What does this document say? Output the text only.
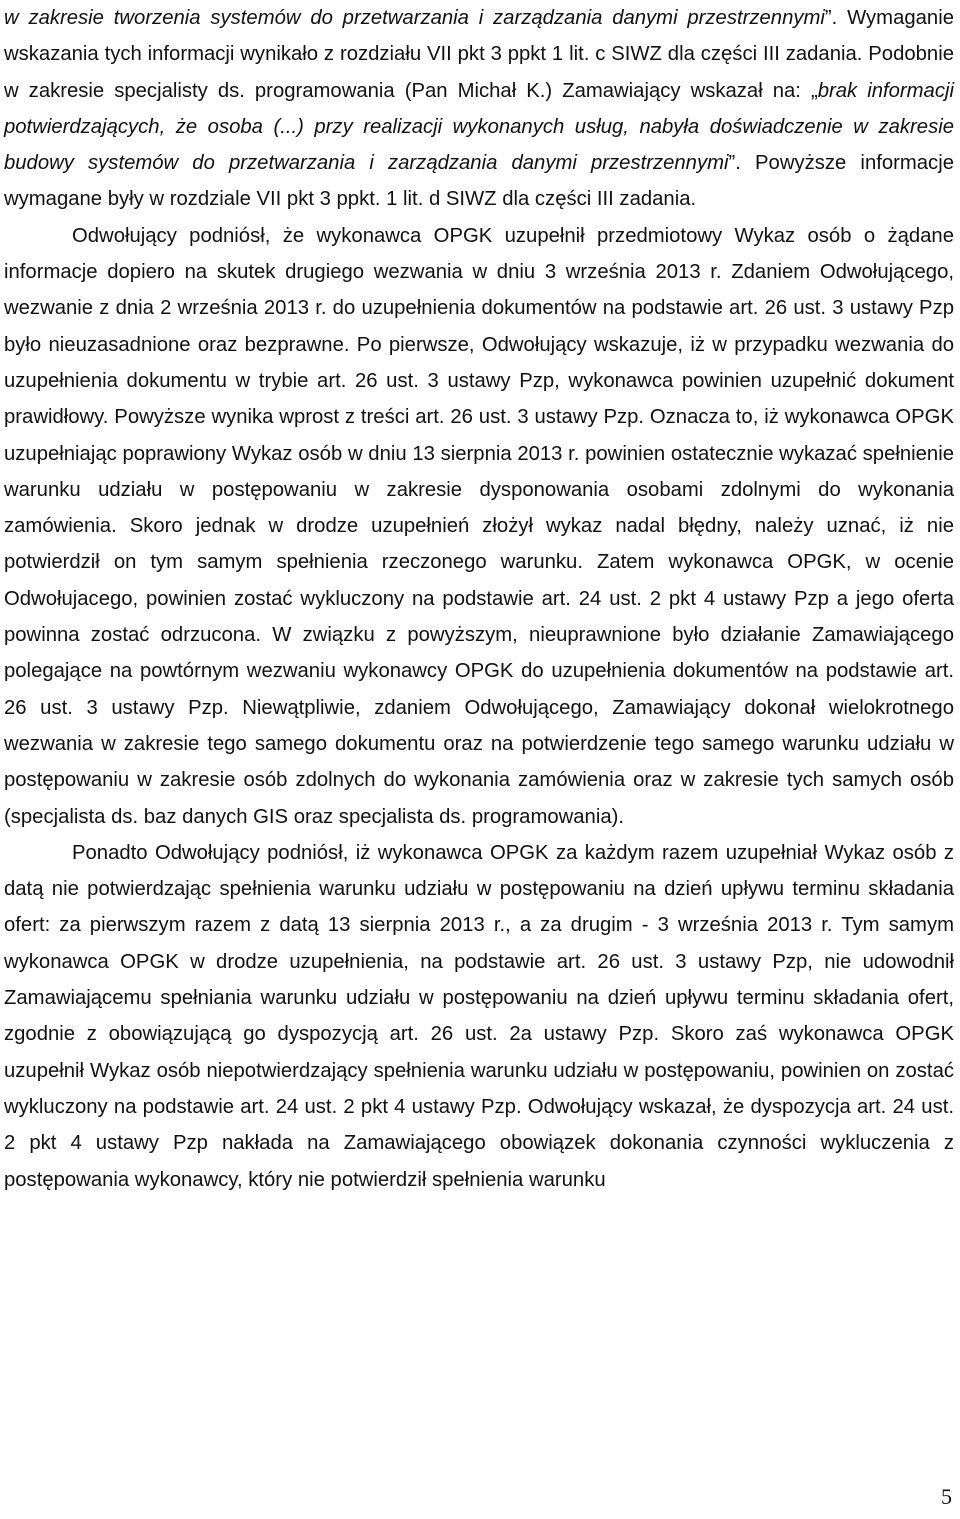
w zakresie tworzenia systemów do przetwarzania i zarządzania danymi przestrzennymi”. Wymaganie wskazania tych informacji wynikało z rozdziału VII pkt 3 ppkt 1 lit. c SIWZ dla części III zadania. Podobnie w zakresie specjalisty ds. programowania (Pan Michał K.) Zamawiający wskazał na: „brak informacji potwierdzających, że osoba (...) przy realizacji wykonanych usług, nabyła doświadczenie w zakresie budowy systemów do przetwarzania i zarządzania danymi przestrzennymi”. Powyższe informacje wymagane były w rozdziale VII pkt 3 ppkt. 1 lit. d SIWZ dla części III zadania.

Odwołujący podniósł, że wykonawca OPGK uzupełnił przedmiotowy Wykaz osób o żądane informacje dopiero na skutek drugiego wezwania w dniu 3 września 2013 r. Zdaniem Odwołującego, wezwanie z dnia 2 września 2013 r. do uzupełnienia dokumentów na podstawie art. 26 ust. 3 ustawy Pzp było nieuzasadnione oraz bezprawne. Po pierwsze, Odwołujący wskazuje, iż w przypadku wezwania do uzupełnienia dokumentu w trybie art. 26 ust. 3 ustawy Pzp, wykonawca powinien uzupełnić dokument prawidłowy. Powyższe wynika wprost z treści art. 26 ust. 3 ustawy Pzp. Oznacza to, iż wykonawca OPGK uzupełniając poprawiony Wykaz osób w dniu 13 sierpnia 2013 r. powinien ostatecznie wykazać spełnienie warunku udziału w postępowaniu w zakresie dysponowania osobami zdolnymi do wykonania zamówienia. Skoro jednak w drodze uzupełnień złożył wykaz nadal błędny, należy uznać, iż nie potwierdził on tym samym spełnienia rzeczonego warunku. Zatem wykonawca OPGK, w ocenie Odwołujacego, powinien zostać wykluczony na podstawie art. 24 ust. 2 pkt 4 ustawy Pzp a jego oferta powinna zostać odrzucona. W związku z powyższym, nieuprawnione było działanie Zamawiającego polegające na powtórnym wezwaniu wykonawcy OPGK do uzupełnienia dokumentów na podstawie art. 26 ust. 3 ustawy Pzp. Niewątpliwie, zdaniem Odwołującego, Zamawiający dokonał wielokrotnego wezwania w zakresie tego samego dokumentu oraz na potwierdzenie tego samego warunku udziału w postępowaniu w zakresie osób zdolnych do wykonania zamówienia oraz w zakresie tych samych osób (specjalista ds. baz danych GIS oraz specjalista ds. programowania).

Ponadto Odwołujący podniósł, iż wykonawca OPGK za każdym razem uzupełniał Wykaz osób z datą nie potwierdzając spełnienia warunku udziału w postępowaniu na dzień upływu terminu składania ofert: za pierwszym razem z datą 13 sierpnia 2013 r., a za drugim - 3 września 2013 r. Tym samym wykonawca OPGK w drodze uzupełnienia, na podstawie art. 26 ust. 3 ustawy Pzp, nie udowodnił Zamawiającemu spełniania warunku udziału w postępowaniu na dzień upływu terminu składania ofert, zgodnie z obowiązującą go dyspozycją art. 26 ust. 2a ustawy Pzp. Skoro zaś wykonawca OPGK uzupełnił Wykaz osób niepotwierdzający spełnienia warunku udziału w postępowaniu, powinien on zostać wykluczony na podstawie art. 24 ust. 2 pkt 4 ustawy Pzp. Odwołujący wskazał, że dyspozycja art. 24 ust. 2 pkt 4 ustawy Pzp nakłada na Zamawiającego obowiązek dokonania czynności wykluczenia z postępowania wykonawcy, który nie potwierdził spełnienia warunku

5
